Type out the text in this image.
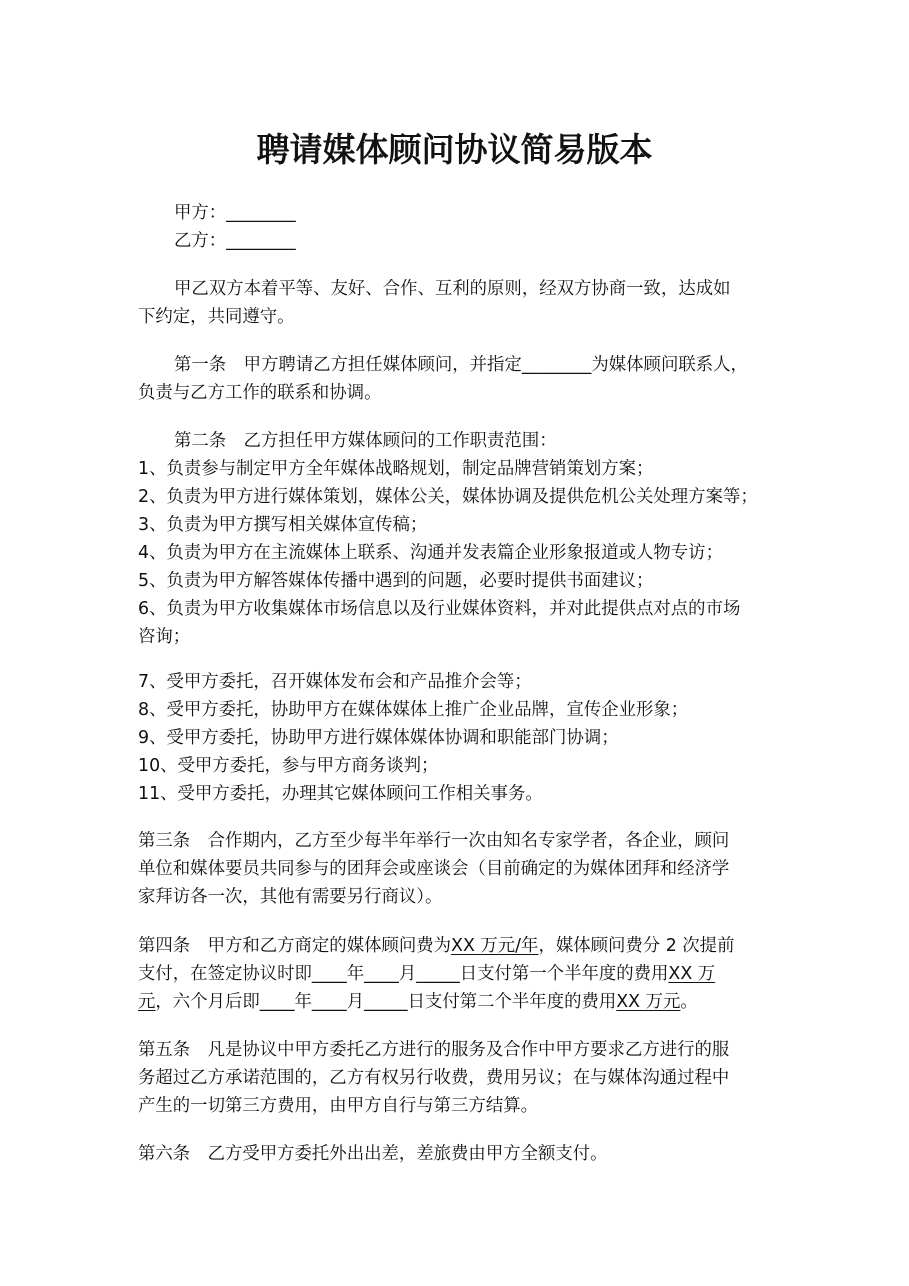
聘请媒体顾问协议简易版本
甲方：________
乙方：________
甲乙双方本着平等、友好、合作、互利的原则，经双方协商一致，达成如
下约定，共同遵守。
第一条　甲方聘请乙方担任媒体顾问，并指定________为媒体顾问联系人，
负责与乙方工作的联系和协调。
第二条　乙方担任甲方媒体顾问的工作职责范围：
1、负责参与制定甲方全年媒体战略规划，制定品牌营销策划方案；
2、负责为甲方进行媒体策划，媒体公关，媒体协调及提供危机公关处理方案等；
3、负责为甲方撰写相关媒体宣传稿；
4、负责为甲方在主流媒体上联系、沟通并发表篇企业形象报道或人物专访；
5、负责为甲方解答媒体传播中遇到的问题，必要时提供书面建议；
6、负责为甲方收集媒体市场信息以及行业媒体资料，并对此提供点对点的市场
咨询；
7、受甲方委托，召开媒体发布会和产品推介会等；
8、受甲方委托，协助甲方在媒体媒体上推广企业品牌，宣传企业形象；
9、受甲方委托，协助甲方进行媒体媒体协调和职能部门协调；
10、受甲方委托，参与甲方商务谈判；
11、受甲方委托，办理其它媒体顾问工作相关事务。
第三条　合作期内，乙方至少每半年举行一次由知名专家学者，各企业，顾问
单位和媒体要员共同参与的团拜会或座谈会（目前确定的为媒体团拜和经济学
家拜访各一次，其他有需要另行商议）。
第四条　甲方和乙方商定的媒体顾问费为XX 万元/年，媒体顾问费分 2 次提前
支付，在签定协议时即____年____月_____日支付第一个半年度的费用XX 万
元，六个月后即____年____月_____日支付第二个半年度的费用XX 万元。
第五条　凡是协议中甲方委托乙方进行的服务及合作中甲方要求乙方进行的服
务超过乙方承诺范围的，乙方有权另行收费，费用另议；在与媒体沟通过程中
产生的一切第三方费用，由甲方自行与第三方结算。
第六条　乙方受甲方委托外出出差，差旅费由甲方全额支付。
